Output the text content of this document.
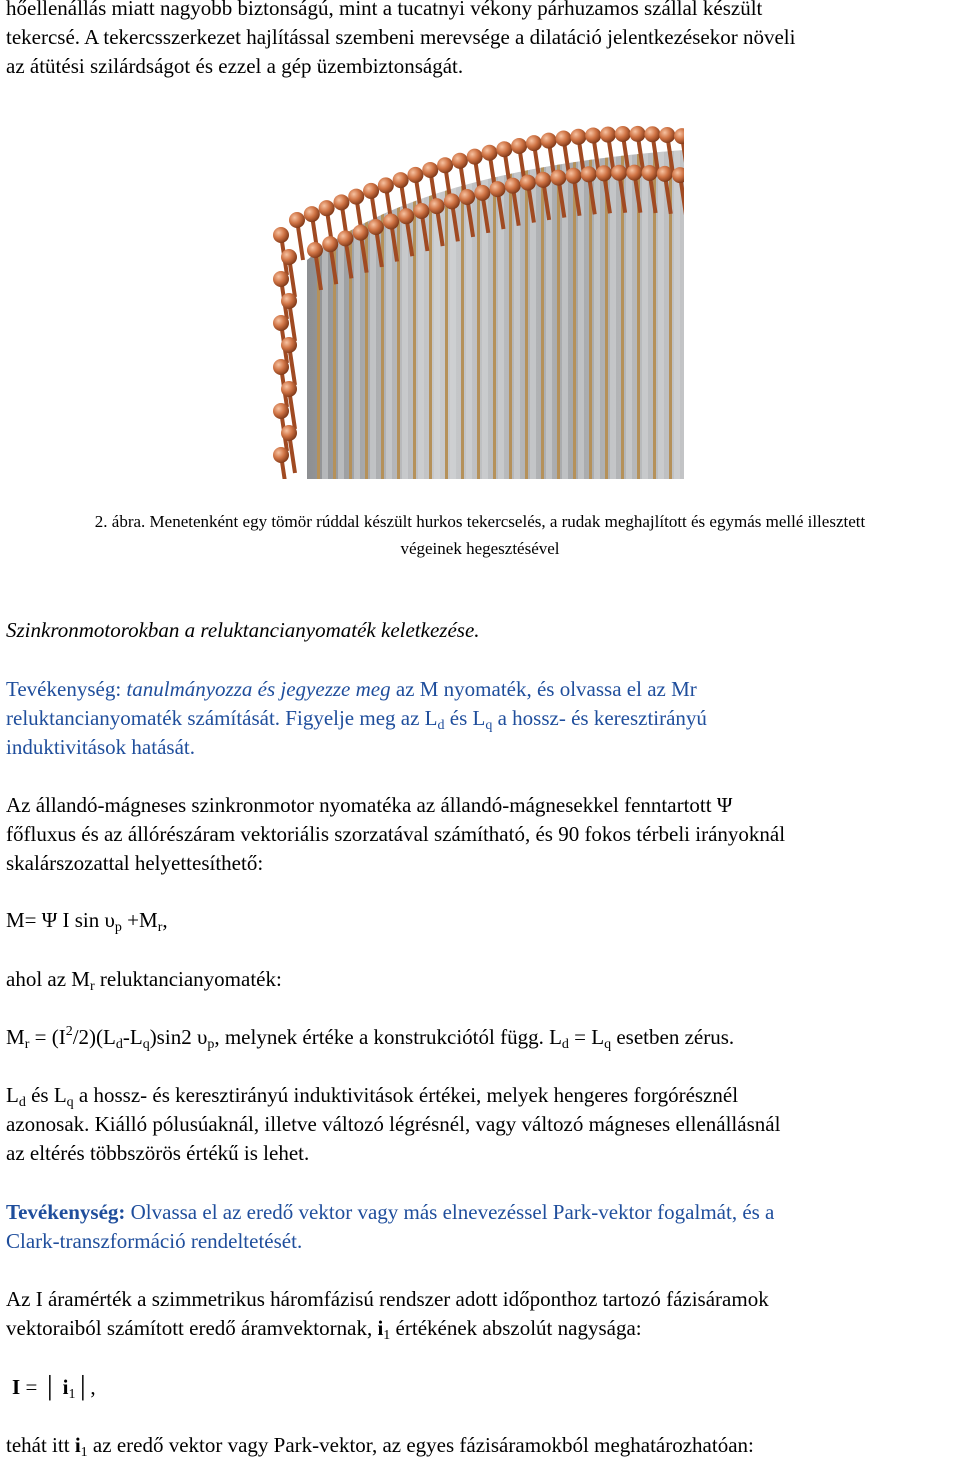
hőellenállás miatt nagyobb biztonságú, mint a tucatnyi vékony párhuzamos szállal készült
tekercsé. A tekercsszerkezet hajlítással szembeni merevsége a dilatáció jelentkezésekor növeli
az átütési szilárdságot és ezzel a gép üzembiztonságát.
2. ábra. Menetenként egy tömör rúddal készült hurkos tekercselés, a rudak meghajlított és egymás mellé illesztett
végeinek hegesztésével
Szinkronmotorokban a reluktancianyomaték keletkezése.
Tevékenység: tanulmányozza és jegyezze meg az M nyomaték, és olvassa el az Mr
reluktancianyomaték számítását. Figyelje meg az $L_d$ és $L_q$ a hossz- és keresztirányú
induktivitások hatását.
Az állandó-mágneses szinkronmotor nyomatéka az állandó-mágnesekkel fenntartott Ψ
főfluxus és az állórészáram vektoriális szorzatával számítható, és 90 fokos térbeli irányoknál
skalárszozattal helyettesíthető:
M= Ψ I $\sin \upsilon_p +M_r$,
ahol az $M_r$ reluktancianyomaték:
$M_r = (I^2/2)(L_d-L_q)\sin 2$ $\upsilon_p$, melynek értéke a konstrukciótól függ. $L_d = L_q$ esetben zérus.
$L_d$ és $L_q$ a hossz- és keresztirányú induktivitások értékei, melyek hengeres forgórésznél
azonosak. Kiálló pólusúaknál, illetve változó légrésnél, vagy változó mágneses ellenállásnál
az eltérés többszörös értékű is lehet.
Tevékenység: Olvassa el az eredő vektor vagy más elnevezéssel Park-vektor fogalmát, és a
Clark-transzformáció rendeltetését.
Az I áramérték a szimmetrikus háromfázisú rendszer adott időponthoz tartozó fázisáramok
vektoraiból számított eredő áramvektornak, $i_1$ értékének abszolút nagysága:
I = │ $i_1│$,
tehát itt $i_1$ az eredő vektor vagy Park-vektor, az egyes fázisáramokból meghatározhatóan:
